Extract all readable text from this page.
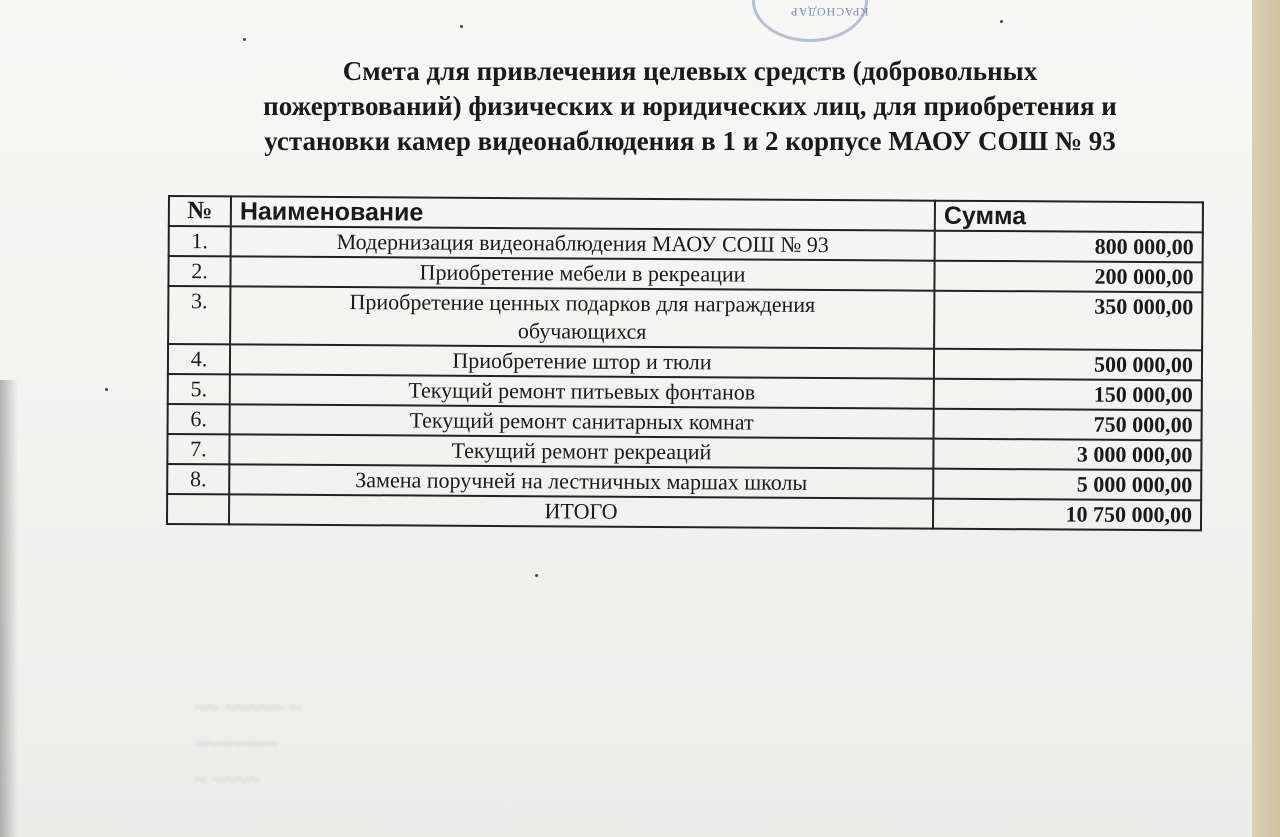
КРАСНОДАР
Смета для привлечения целевых средств (добровольных
пожертвований) физических и юридических лиц, для приобретения и
установки камер видеонаблюдения в 1 и 2 корпусе МАОУ СОШ № 93
№	Наименование	Сумма
1.	Модернизация видеонаблюдения МАОУ СОШ № 93	800 000,00
2.	Приобретение мебели в рекреации	200 000,00
3.	Приобретение ценных подарков для награждения обучающихся	350 000,00
4.	Приобретение штор и тюли	500 000,00
5.	Текущий ремонт питьевых фонтанов	150 000,00
6.	Текущий ремонт санитарных комнат	750 000,00
7.	Текущий ремонт рекреаций	3 000 000,00
8.	Замена поручней на лестничных маршах школы	5 000 000,00
	ИТОГО	10 750 000,00
~~ ~~~~~ ~
~~~~~~~
~ ~~~~
